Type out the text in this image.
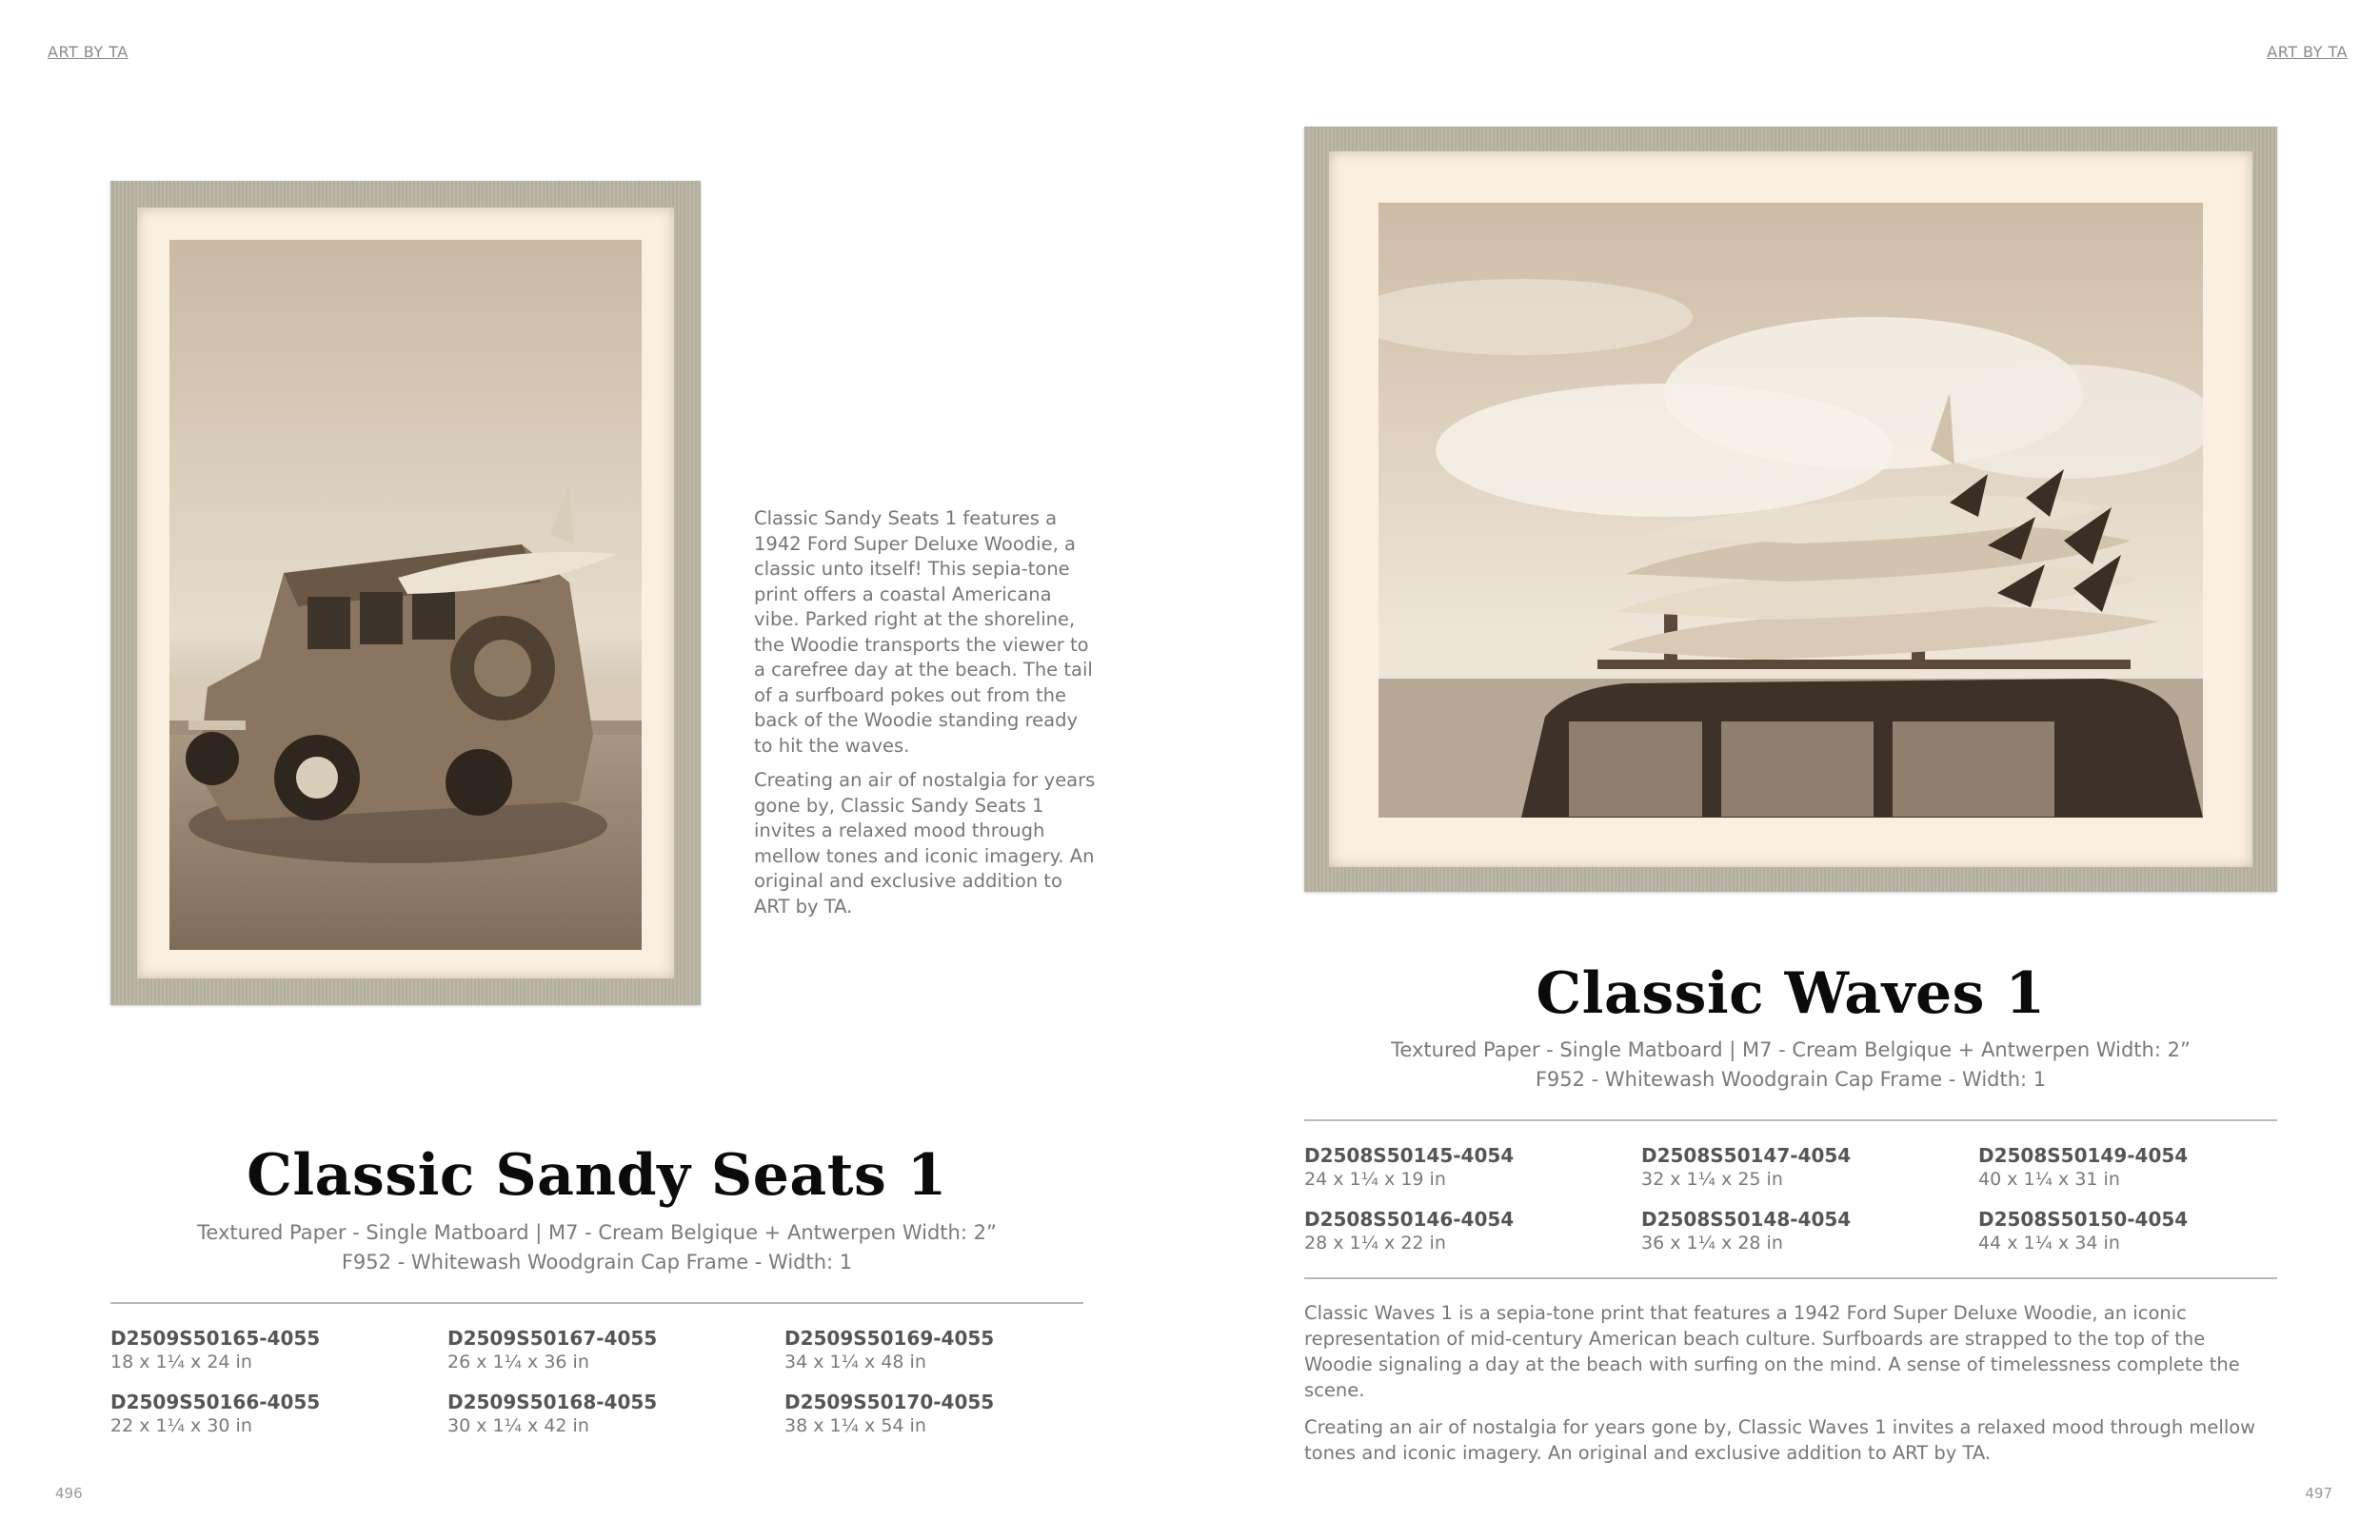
ART BY TA	ART BY TA

Classic Sandy Seats 1 features a 1942 Ford Super Deluxe Woodie, a classic unto itself! This sepia-tone print offers a coastal Americana vibe. Parked right at the shoreline, the Woodie transports the viewer to a carefree day at the beach. The tail of a surfboard pokes out from the back of the Woodie standing ready to hit the waves.

Creating an air of nostalgia for years gone by, Classic Sandy Seats 1 invites a relaxed mood through mellow tones and iconic imagery. An original and exclusive addition to ART by TA.

Classic Sandy Seats 1
Textured Paper - Single Matboard | M7 - Cream Belgique + Antwerpen Width: 2”
F952 - Whitewash Woodgrain Cap Frame - Width: 1
D2509S50165-4055
18 x 1¼ x 24 in
D2509S50167-4055
26 x 1¼ x 36 in
D2509S50169-4055
34 x 1¼ x 48 in
D2509S50166-4055
22 x 1¼ x 30 in
D2509S50168-4055
30 x 1¼ x 42 in
D2509S50170-4055
38 x 1¼ x 54 in
Classic Waves 1
Textured Paper - Single Matboard | M7 - Cream Belgique + Antwerpen Width: 2”
F952 - Whitewash Woodgrain Cap Frame - Width: 1
D2508S50145-4054
24 x 1¼ x 19 in
D2508S50147-4054
32 x 1¼ x 25 in
D2508S50149-4054
40 x 1¼ x 31 in
D2508S50146-4054
28 x 1¼ x 22 in
D2508S50148-4054
36 x 1¼ x 28 in
D2508S50150-4054
44 x 1¼ x 34 in

Classic Waves 1 is a sepia-tone print that features a 1942 Ford Super Deluxe Woodie, an iconic representation of mid-century American beach culture. Surfboards are strapped to the top of the Woodie signaling a day at the beach with surfing on the mind. A sense of timelessness complete the scene.

Creating an air of nostalgia for years gone by, Classic Waves 1 invites a relaxed mood through mellow tones and iconic imagery. An original and exclusive addition to ART by TA.

496	497
